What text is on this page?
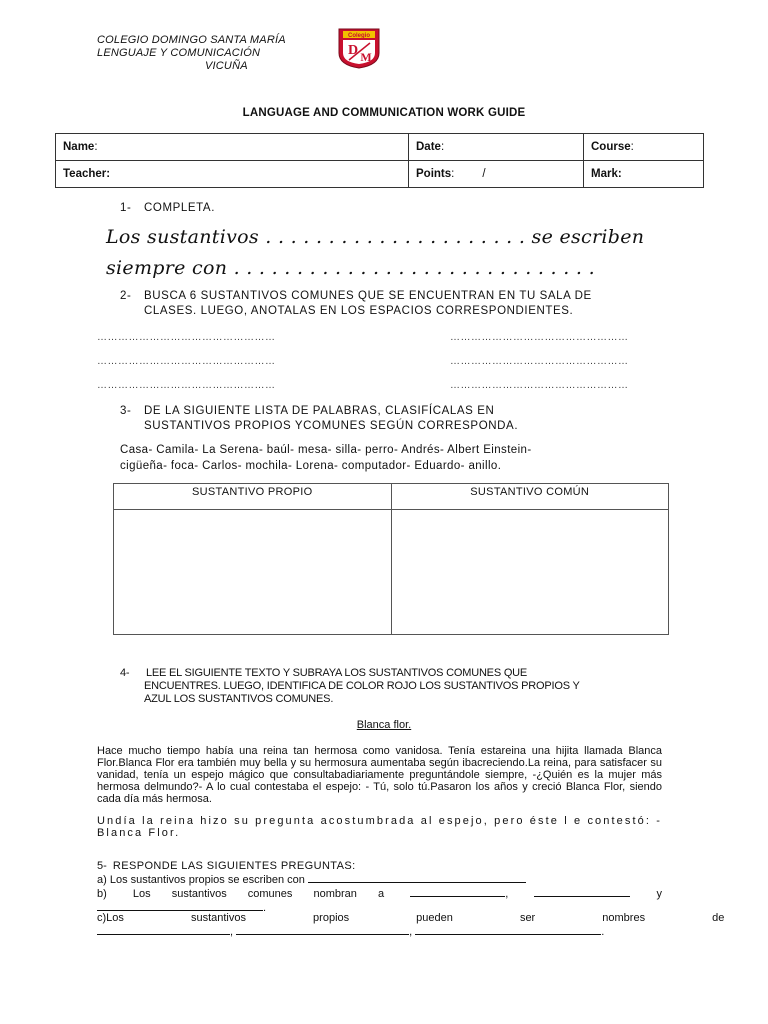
COLEGIO DOMINGO SANTA MARÍA
LENGUAJE Y COMUNICACIÓN
VICUÑA
Colegio
D M
LANGUAGE AND COMMUNICATION WORK GUIDE
Name:	Date:	Course:
Teacher:	Points: /	Mark:
1- COMPLETA.
Los sustantivos . . . . . . . . . . . . . . . . . . . . . se escriben
siempre con . . . . . . . . . . . . . . . . . . . . . . . . . . . . .
2- BUSCA 6 SUSTANTIVOS COMUNES QUE SE ENCUENTRAN EN TU SALA DE
CLASES. LUEGO, ANOTALAS EN LOS ESPACIOS CORRESPONDIENTES.
……………………………………………	……………………………………………
……………………………………………	……………………………………………
……………………………………………	……………………………………………
3- DE LA SIGUIENTE LISTA DE PALABRAS, CLASIFÍCALAS EN
SUSTANTIVOS PROPIOS YCOMUNES SEGÚN CORRESPONDA.
Casa- Camila- La Serena- baúl- mesa- silla- perro- Andrés- Albert Einstein-
cigüeña- foca- Carlos- mochila- Lorena- computador- Eduardo- anillo.
SUSTANTIVO PROPIO	SUSTANTIVO COMÚN

4- LEE EL SIGUIENTE TEXTO Y SUBRAYA LOS SUSTANTIVOS COMUNES QUE
ENCUENTRES. LUEGO, IDENTIFICA DE COLOR ROJO LOS SUSTANTIVOS PROPIOS Y
AZUL LOS SUSTANTIVOS COMUNES.
Blanca flor.

Hace mucho tiempo había una reina tan hermosa como vanidosa. Tenía estareina una hijita llamada Blanca Flor.Blanca Flor era también muy bella y su hermosura aumentaba según ibacreciendo.La reina, para satisfacer su vanidad, tenía un espejo mágico que consultabadiariamente preguntándole siempre, -¿Quién es la mujer más hermosa delmundo?- A lo cual contestaba el espejo: - Tú, solo tú.Pasaron los años y creció Blanca Flor, siendo cada día más hermosa.

Undía la reina hizo su pregunta acostumbrada al espejo, pero éste l e contestó: -Blanca Flor.

5- RESPONDE LAS SIGUIENTES PREGUNTAS:
a) Los sustantivos propios se escriben con
b) Los sustantivos comunes nombran a	,	y
.
c) Los sustantivos propios pueden ser nombres de
,	,	.
